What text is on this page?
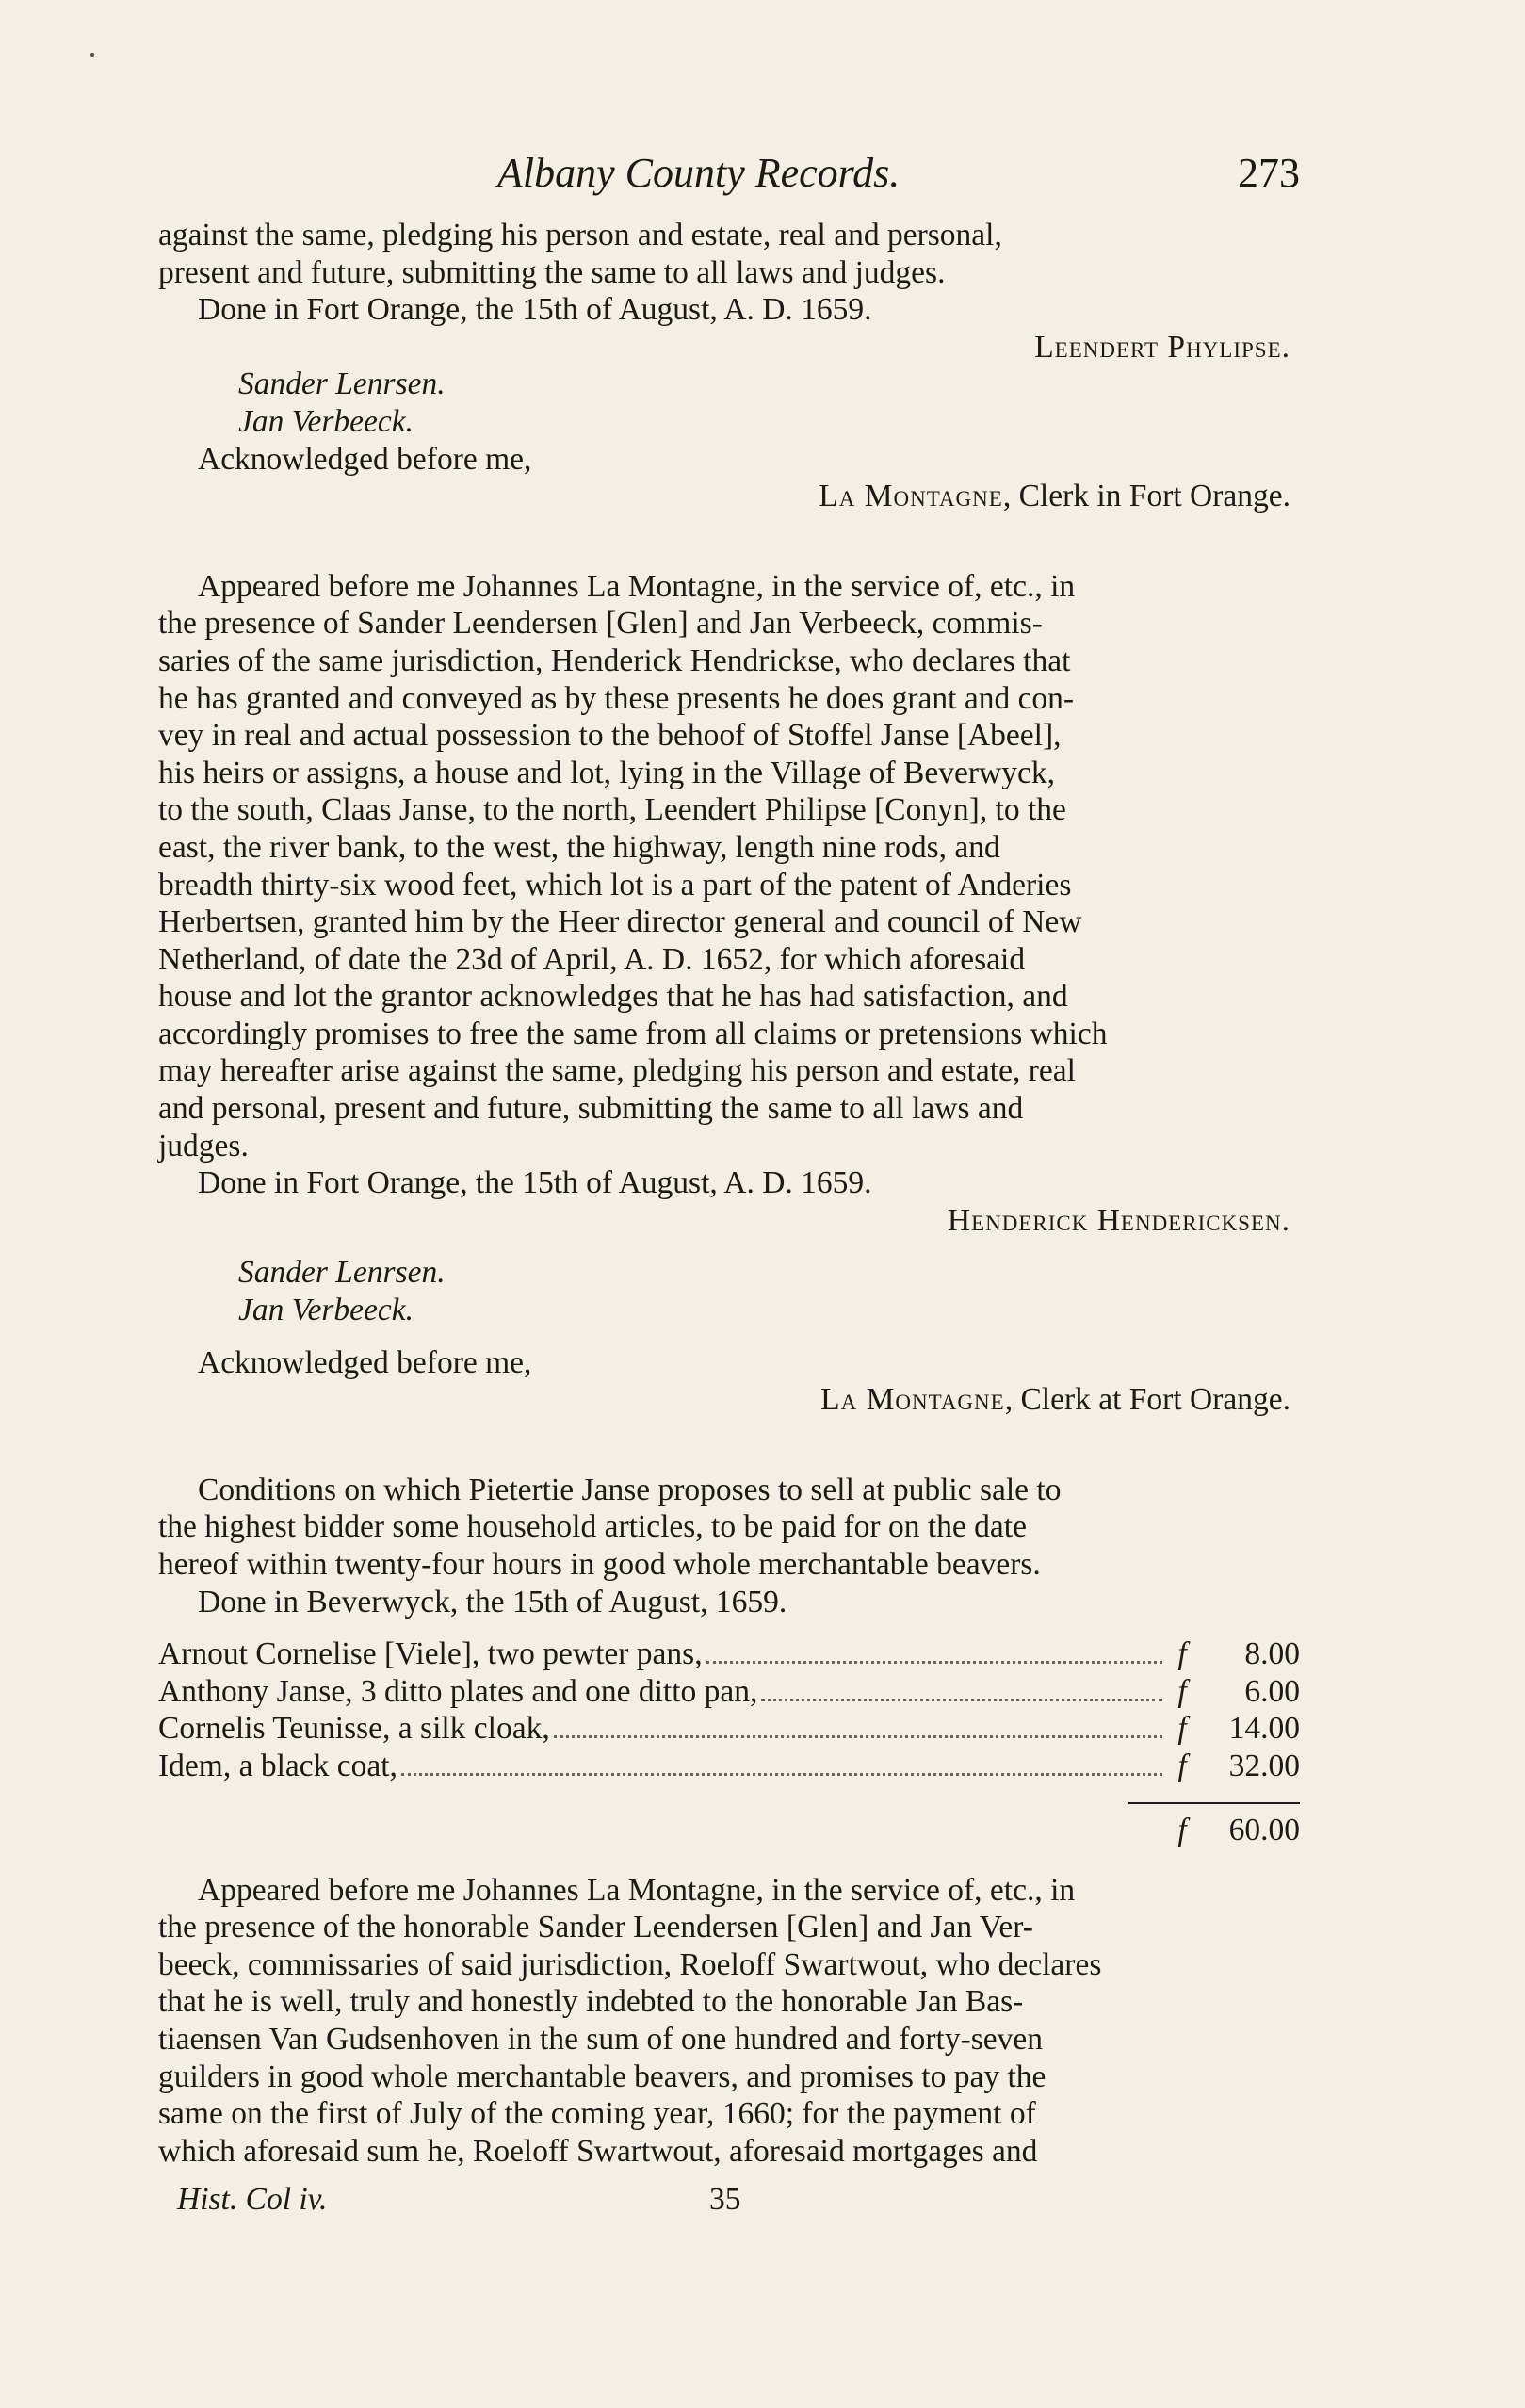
Albany County Records.	273

against the same, pledging his person and estate, real and personal,

present and future, submitting the same to all laws and judges.

Done in Fort Orange, the 15th of August, A. D. 1659.

Leendert Phylipse.

Sander Lenrsen.

Jan Verbeeck.

Acknowledged before me,

La Montagne, Clerk in Fort Orange.

Appeared before me Johannes La Montagne, in the service of, etc., in

the presence of Sander Leendersen [Glen] and Jan Verbeeck, commis-

saries of the same jurisdiction, Henderick Hendrickse, who declares that

he has granted and conveyed as by these presents he does grant and con-

vey in real and actual possession to the behoof of Stoffel Janse [Abeel],

his heirs or assigns, a house and lot, lying in the Village of Beverwyck,

to the south, Claas Janse, to the north, Leendert Philipse [Conyn], to the

east, the river bank, to the west, the highway, length nine rods, and

breadth thirty-six wood feet, which lot is a part of the patent of Anderies

Herbertsen, granted him by the Heer director general and council of New

Netherland, of date the 23d of April, A. D. 1652, for which aforesaid

house and lot the grantor acknowledges that he has had satisfaction, and

accordingly promises to free the same from all claims or pretensions which

may hereafter arise against the same, pledging his person and estate, real

and personal, present and future, submitting the same to all laws and

judges.

Done in Fort Orange, the 15th of August, A. D. 1659.

Henderick Hendericksen.

Sander Lenrsen.

Jan Verbeeck.

Acknowledged before me,

La Montagne, Clerk at Fort Orange.

Conditions on which Pietertie Janse proposes to sell at public sale to

the highest bidder some household articles, to be paid for on the date

hereof within twenty-four hours in good whole merchantable beavers.

Done in Beverwyck, the 15th of August, 1659.

Arnout Cornelise [Viele], two pewter pans,	f	8.00
Anthony Janse, 3 ditto plates and one ditto pan,	f	6.00
Cornelis Teunisse, a silk cloak,	f	14.00
Idem, a black coat,	f	32.00
f	60.00

Appeared before me Johannes La Montagne, in the service of, etc., in

the presence of the honorable Sander Leendersen [Glen] and Jan Ver-

beeck, commissaries of said jurisdiction, Roeloff Swartwout, who declares

that he is well, truly and honestly indebted to the honorable Jan Bas-

tiaensen Van Gudsenhoven in the sum of one hundred and forty-seven

guilders in good whole merchantable beavers, and promises to pay the

same on the first of July of the coming year, 1660; for the payment of

which aforesaid sum he, Roeloff Swartwout, aforesaid mortgages and

Hist. Col iv.	35
